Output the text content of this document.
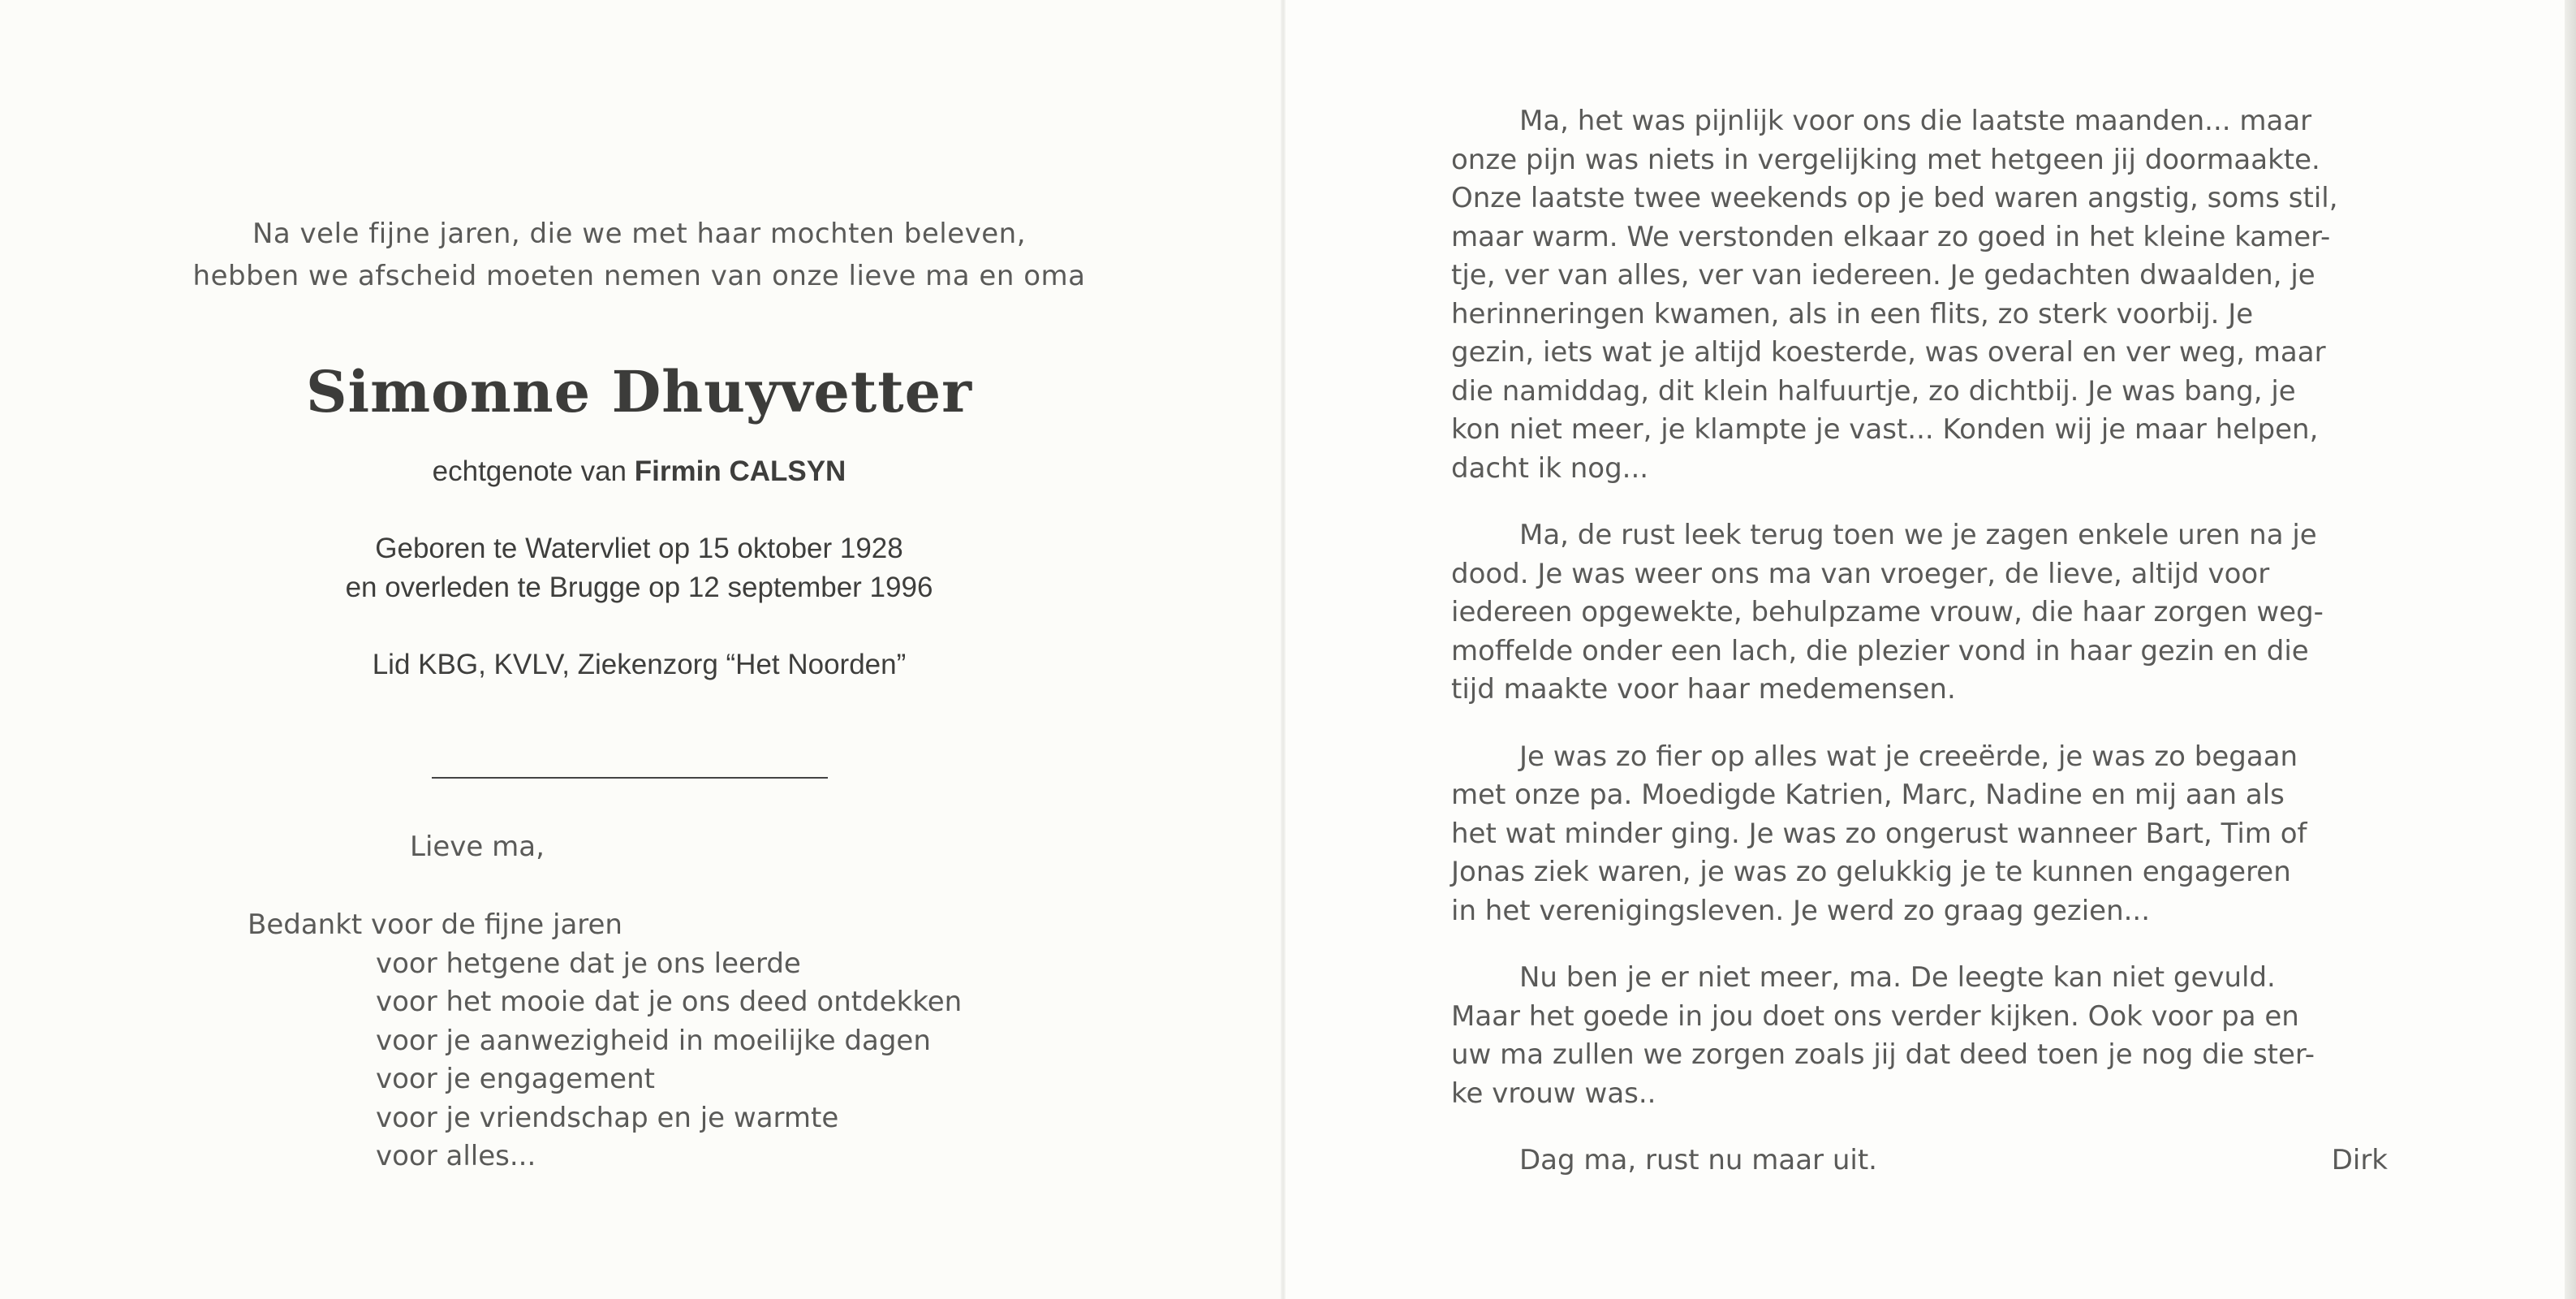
Na vele fijne jaren, die we met haar mochten beleven,
hebben we afscheid moeten nemen van onze lieve ma en oma
Simonne Dhuyvetter
echtgenote van Firmin CALSYN
Geboren te Watervliet op 15 oktober 1928
en overleden te Brugge op 12 september 1996
Lid KBG, KVLV, Ziekenzorg “Het Noorden”
Lieve ma,
Bedankt voor de fijne jaren
voor hetgene dat je ons leerde
voor het mooie dat je ons deed ontdekken
voor je aanwezigheid in moeilijke dagen
voor je engagement
voor je vriendschap en je warmte
voor alles...
Ma, het was pijnlijk voor ons die laatste maanden... maar
onze pijn was niets in vergelijking met hetgeen jij doormaakte.
Onze laatste twee weekends op je bed waren angstig, soms stil,
maar warm. We verstonden elkaar zo goed in het kleine kamer-
tje, ver van alles, ver van iedereen. Je gedachten dwaalden, je
herinneringen kwamen, als in een flits, zo sterk voorbij. Je
gezin, iets wat je altijd koesterde, was overal en ver weg, maar
die namiddag, dit klein halfuurtje, zo dichtbij. Je was bang, je
kon niet meer, je klampte je vast... Konden wij je maar helpen,
dacht ik nog...
Ma, de rust leek terug toen we je zagen enkele uren na je
dood. Je was weer ons ma van vroeger, de lieve, altijd voor
iedereen opgewekte, behulpzame vrouw, die haar zorgen weg-
moffelde onder een lach, die plezier vond in haar gezin en die
tijd maakte voor haar medemensen.
Je was zo fier op alles wat je creeërde, je was zo begaan
met onze pa. Moedigde Katrien, Marc, Nadine en mij aan als
het wat minder ging. Je was zo ongerust wanneer Bart, Tim of
Jonas ziek waren, je was zo gelukkig je te kunnen engageren
in het verenigingsleven. Je werd zo graag gezien...
Nu ben je er niet meer, ma. De leegte kan niet gevuld.
Maar het goede in jou doet ons verder kijken. Ook voor pa en
uw ma zullen we zorgen zoals jij dat deed toen je nog die ster-
ke vrouw was..
Dag ma, rust nu maar uit.	Dirk
